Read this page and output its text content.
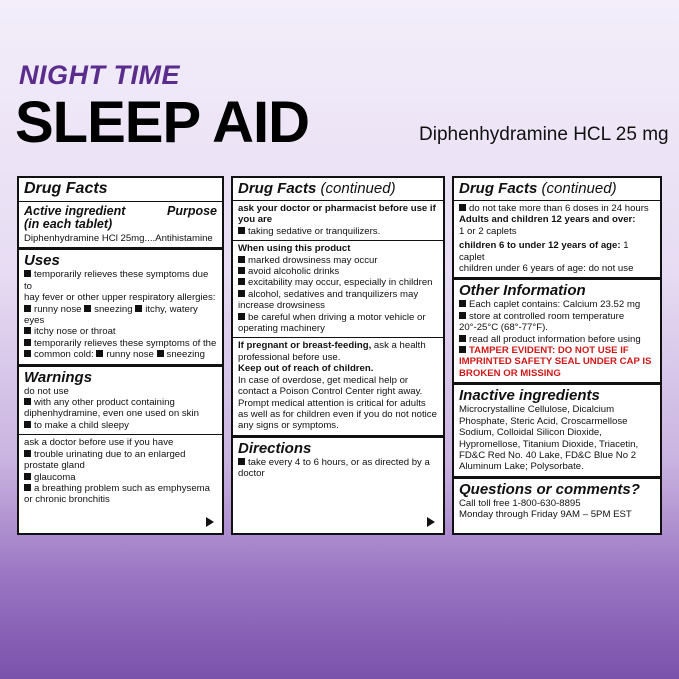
NIGHT TIME
SLEEP AID	Diphenhydramine HCL 25 mg
Drug Facts
Active ingredient	Purpose
(in each tablet)
Diphenhydramine HCl 25mg....Antihistamine
Uses
temporarily relieves these symptoms due to
hay fever or other upper respiratory allergies:
runny nose sneezing itchy, watery eyes
itchy nose or throat
temporarily relieves these symptoms of the
common cold: runny nose sneezing
Warnings
do not use
with any other product containing diphenhydramine, even one used on skin
to make a child sleepy
ask a doctor before use if you have
trouble urinating due to an enlarged prostate gland
glaucoma
a breathing problem such as emphysema or chronic bronchitis
Drug Facts (continued)
ask your doctor or pharmacist before use if you are
taking sedative or tranquilizers.
When using this product
marked drowsiness may occur
avoid alcoholic drinks
excitability may occur, especially in children
alcohol, sedatives and tranquilizers may increase drowsiness
be careful when driving a motor vehicle or operating machinery
If pregnant or breast-feeding, ask a health professional before use.
Keep out of reach of children.
In case of overdose, get medical help or contact a Poison Control Center right away. Prompt medical attention is critical for adults as well as for children even if you do not notice any signs or symptoms.
Directions
take every 4 to 6 hours, or as directed by a doctor
Drug Facts (continued)
do not take more than 6 doses in 24 hours
Adults and children 12 years and over:
1 or 2 caplets
children 6 to under 12 years of age: 1 caplet
children under 6 years of age: do not use
Other Information
Each caplet contains: Calcium 23.52 mg
store at controlled room temperature 20°-25°C (68°-77°F).
read all product information before using
TAMPER EVIDENT: DO NOT USE IF IMPRINTED SAFETY SEAL UNDER CAP IS BROKEN OR MISSING
Inactive ingredients
Microcrystalline Cellulose, Dicalcium Phosphate, Steric Acid, Croscarmellose Sodium, Colloidal Silicon Dioxide, Hypromellose, Titanium Dioxide, Triacetin, FD&C Red No. 40 Lake, FD&C Blue No 2 Aluminum Lake; Polysorbate.
Questions or comments?
Call toll free 1-800-630-8895
Monday through Friday 9AM – 5PM EST
